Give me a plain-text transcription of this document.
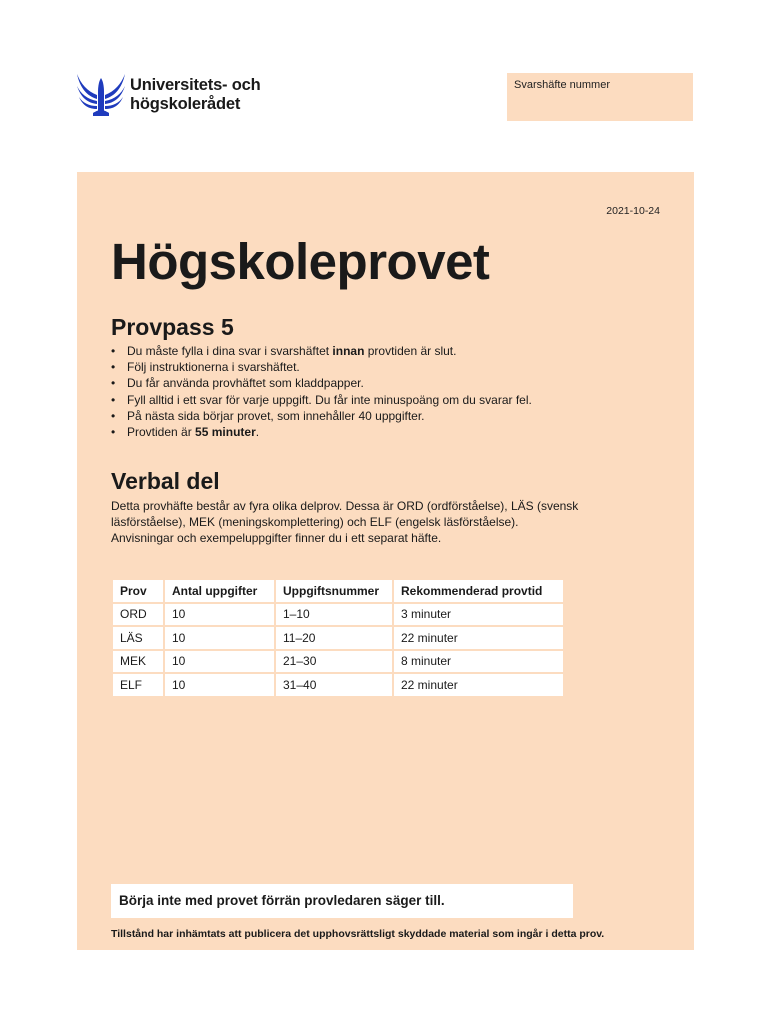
Universitets- och
högskolerådet
Svarshäfte nummer
2021-10-24
Högskoleprovet
Provpass 5
• Du måste fylla i dina svar i svarshäftet innan provtiden är slut.
• Följ instruktionerna i svarshäftet.
• Du får använda provhäftet som kladdpapper.
• Fyll alltid i ett svar för varje uppgift. Du får inte minuspoäng om du svarar fel.
• På nästa sida börjar provet, som innehåller 40 uppgifter.
• Provtiden är 55 minuter.
Verbal del

Detta provhäfte består av fyra olika delprov. Dessa är ORD (ordförståelse), LÄS (svensk läsförståelse), MEK (meningskomplettering) och ELF (engelsk läsförståelse). Anvisningar och exempeluppgifter finner du i ett separat häfte.

Prov	Antal uppgifter	Uppgiftsnummer	Rekommenderad provtid
ORD	10	1–10	3 minuter
LÄS	10	11–20	22 minuter
MEK	10	21–30	8 minuter
ELF	10	31–40	22 minuter
Börja inte med provet förrän provledaren säger till.
Tillstånd har inhämtats att publicera det upphovsrättsligt skyddade material som ingår i detta prov.
